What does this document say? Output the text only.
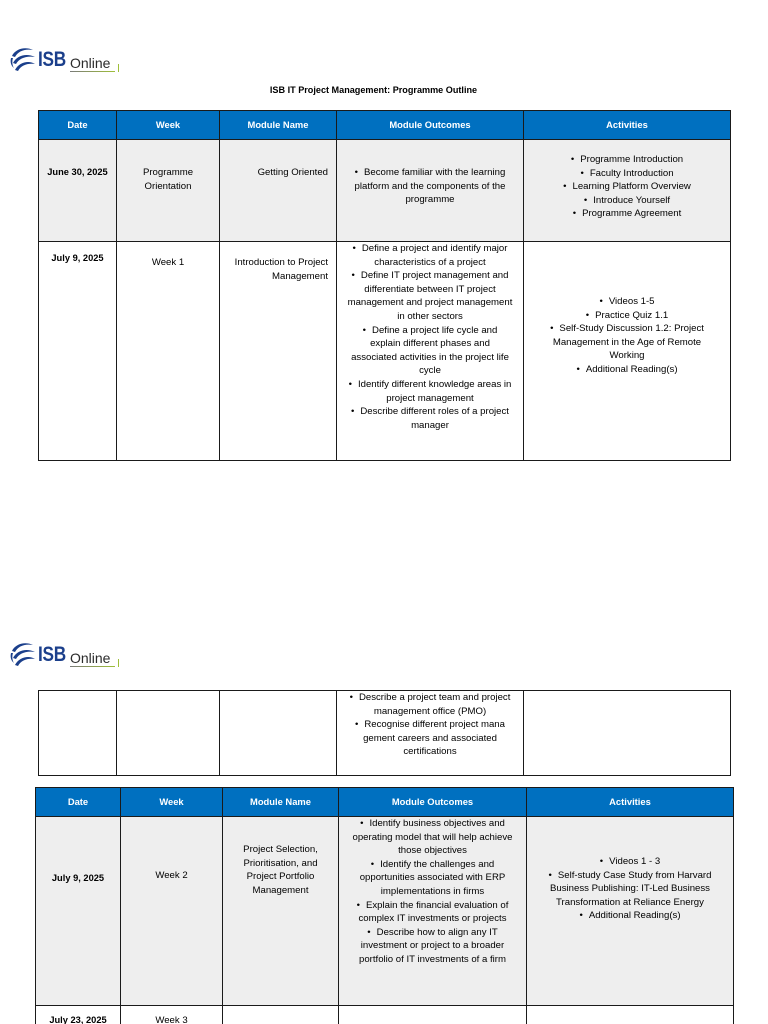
ISB Online
ISB IT Project Management: Programme Outline
Date	Week	Module Name	Module Outcomes	Activities
June 30, 2025	Programme Orientation
Getting Oriented
•	Become familiar with the learning platform and the components of the programme
• Programme Introduction
• Faculty Introduction
• Learning Platform Overview
• Introduce Yourself
• Programme Agreement
July 9, 2025	Week 1	Introduction to Project Management
• Define a project and identify major characteristics of a project
• Define IT project management and differentiate between IT project management and project management in other sectors
• Define a project life cycle and explain different phases and associated activities in the project life cycle
• Identify different knowledge areas in project management
• Describe different roles of a project manager
• Videos 1-5
• Practice Quiz 1.1
• Self-Study Discussion 1.2: Project Management in the Age of Remote Working
• Additional Reading(s)
ISB Online
• Describe a project team and project management office (PMO)
• Recognise different project mana gement careers and associated certifications
Date	Week	Module Name	Module Outcomes	Activities
July 9, 2025	Week 2
Project Selection, Prioritisation, and Project Portfolio Management
• Identify business objectives and operating model that will help achieve those objectives
• Identify the challenges and opportunities associated with ERP implementations in firms
• Explain the financial evaluation of complex IT investments or projects
• Describe how to align any IT investment or project to a broader portfolio of IT investments of a firm
• Videos 1 - 3
• Self-study Case Study from Harvard Business Publishing: IT-Led Business Transformation at Reliance Energy
• Additional Reading(s)
July 23, 2025	Week 3
